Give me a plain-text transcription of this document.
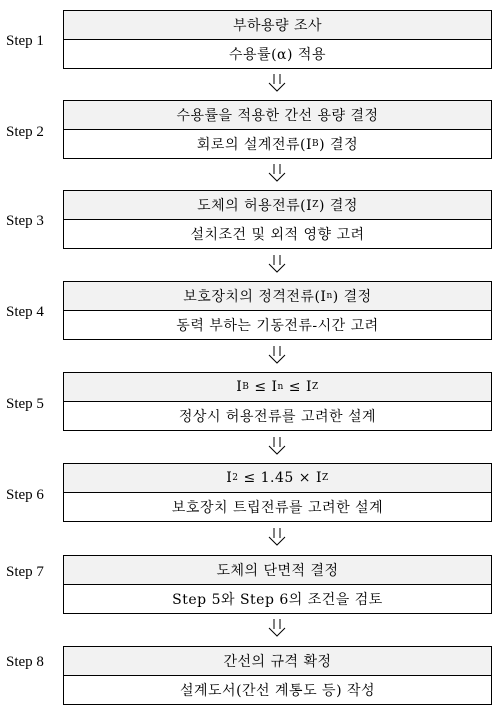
Step 1
Step 2
Step 3
Step 4
Step 5
Step 6
Step 7
Step 8
부하용량 조사
수용률(α) 적용
수용률을 적용한 간선 용량 결정
회로의 설계전류(I B ) 결정
도체의 허용전류(I Z ) 결정
설치조건 및 외적 영향 고려
보호장치의 정격전류(I n ) 결정
동력 부하는 기동전류-시간 고려
I B ≤ I n ≤ I Z
정상시 허용전류를 고려한 설계
I 2 ≤ 1.45 × I Z
보호장치 트립전류를 고려한 설계
도체의 단면적 결정
Step 5와 Step 6의 조건을 검토
간선의 규격 확정
설계도서(간선 계통도 등) 작성
